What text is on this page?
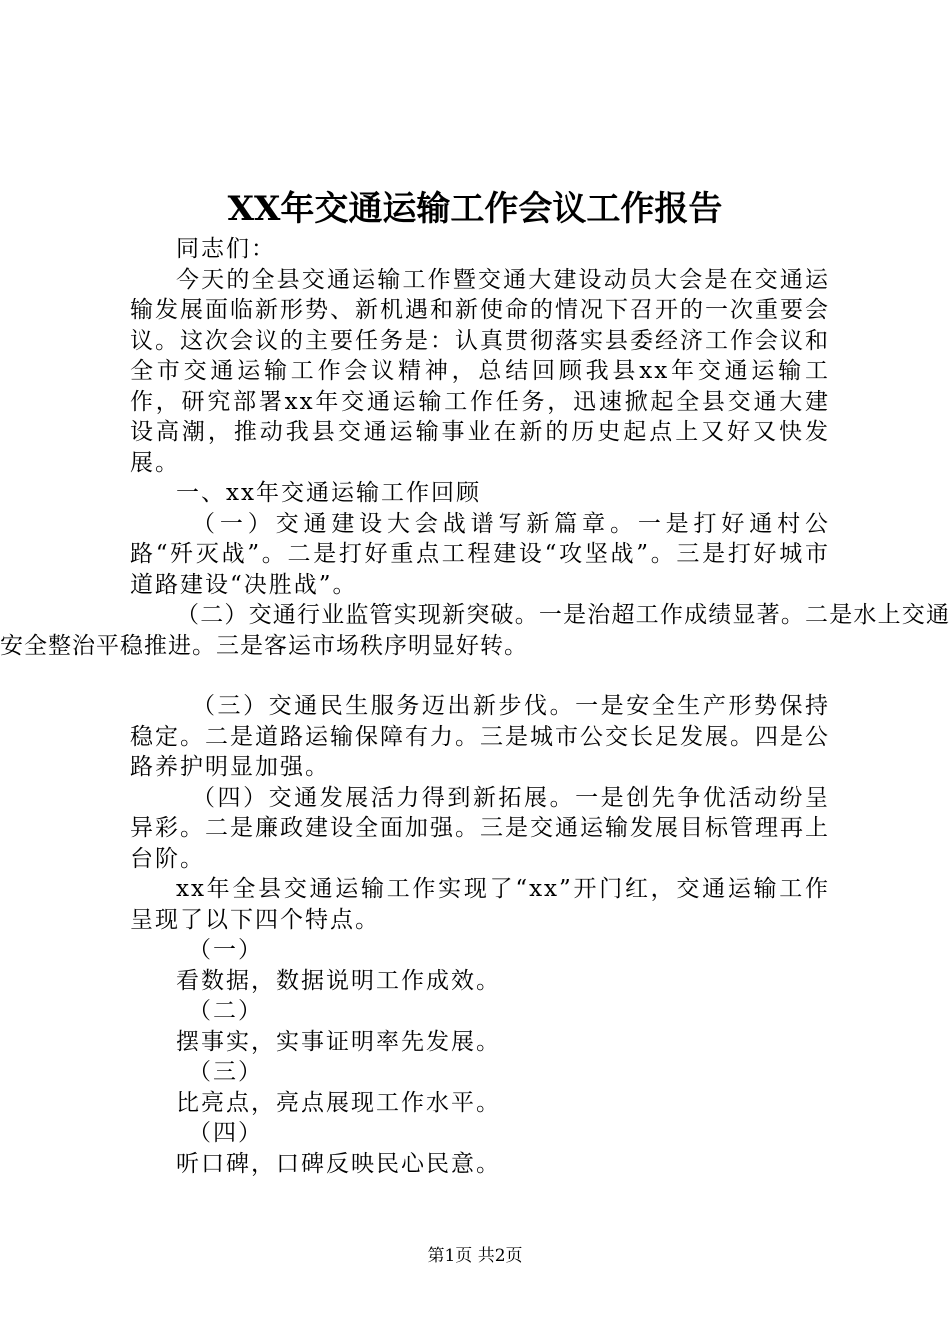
XX年交通运输工作会议工作报告

同志们：

今天的全县交通运输工作暨交通大建设动员大会是在交通运输发展面临新形势、新机遇和新使命的情况下召开的一次重要会议。这次会议的主要任务是：认真贯彻落实县委经济工作会议和全市交通运输工作会议精神，总结回顾我县xx年交通运输工作，研究部署xx年交通运输工作任务，迅速掀起全县交通大建设高潮，推动我县交通运输事业在新的历史起点上又好又快发展。

一、xx年交通运输工作回顾

（一）交通建设大会战谱写新篇章。一是打好通村公路“歼灭战”。二是打好重点工程建设“攻坚战”。三是打好城市道路建设“决胜战”。

（二）交通行业监管实现新突破。一是治超工作成绩显著。二是水上交通安全整治平稳推进。三是客运市场秩序明显好转。

（三）交通民生服务迈出新步伐。一是安全生产形势保持稳定。二是道路运输保障有力。三是城市公交长足发展。四是公路养护明显加强。

（四）交通发展活力得到新拓展。一是创先争优活动纷呈异彩。二是廉政建设全面加强。三是交通运输发展目标管理再上台阶。

xx年全县交通运输工作实现了“xx”开门红，交通运输工作呈现了以下四个特点。

（一）

看数据，数据说明工作成效。

（二）

摆事实，实事证明率先发展。

（三）

比亮点，亮点展现工作水平。

（四）

听口碑，口碑反映民心民意。

第1页 共2页
